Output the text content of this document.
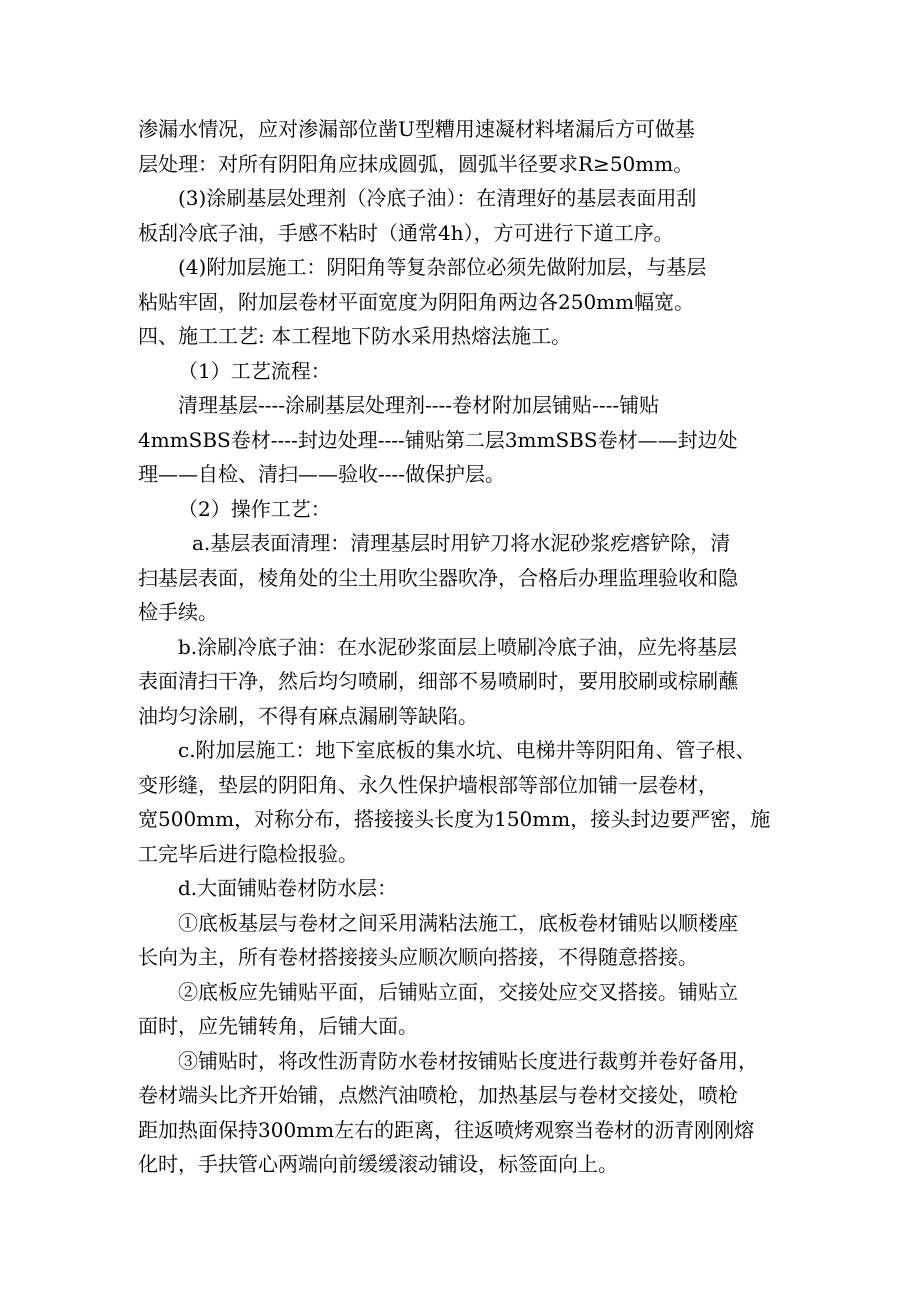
渗漏水情况，应对渗漏部位凿U型糟用速凝材料堵漏后方可做基
层处理：对所有阴阳角应抹成圆弧，圆弧半径要求R≥50mm。
(3)涂刷基层处理剂（冷底子油）：在清理好的基层表面用刮
板刮冷底子油，手感不粘时（通常4h），方可进行下道工序。
(4)附加层施工：阴阳角等复杂部位必须先做附加层，与基层
粘贴牢固，附加层卷材平面宽度为阴阳角两边各250mm幅宽。
四、施工工艺: 本工程地下防水采用热熔法施工。
（1）工艺流程：
清理基层----涂刷基层处理剂----卷材附加层铺贴----铺贴
4mmSBS卷材----封边处理----铺贴第二层3mmSBS卷材——封边处
理——自检、清扫——验收----做保护层。
（2）操作工艺：
a.基层表面清理：清理基层时用铲刀将水泥砂浆疙瘩铲除，清
扫基层表面，棱角处的尘土用吹尘器吹净，合格后办理监理验收和隐
检手续。
b.涂刷冷底子油：在水泥砂浆面层上喷刷冷底子油，应先将基层
表面清扫干净，然后均匀喷刷，细部不易喷刷时，要用胶刷或棕刷蘸
油均匀涂刷，不得有麻点漏刷等缺陷。
c.附加层施工：地下室底板的集水坑、电梯井等阴阳角、管子根、
变形缝，垫层的阴阳角、永久性保护墙根部等部位加铺一层卷材，
宽500mm，对称分布，搭接接头长度为150mm，接头封边要严密，施
工完毕后进行隐检报验。
d.大面铺贴卷材防水层：
①底板基层与卷材之间采用满粘法施工，底板卷材铺贴以顺楼座
长向为主，所有卷材搭接接头应顺次顺向搭接，不得随意搭接。
②底板应先铺贴平面，后铺贴立面，交接处应交叉搭接。铺贴立
面时，应先铺转角，后铺大面。
③铺贴时，将改性沥青防水卷材按铺贴长度进行裁剪并卷好备用，
卷材端头比齐开始铺，点燃汽油喷枪，加热基层与卷材交接处，喷枪
距加热面保持300mm左右的距离，往返喷烤观察当卷材的沥青刚刚熔
化时，手扶管心两端向前缓缓滚动铺设，标签面向上。
